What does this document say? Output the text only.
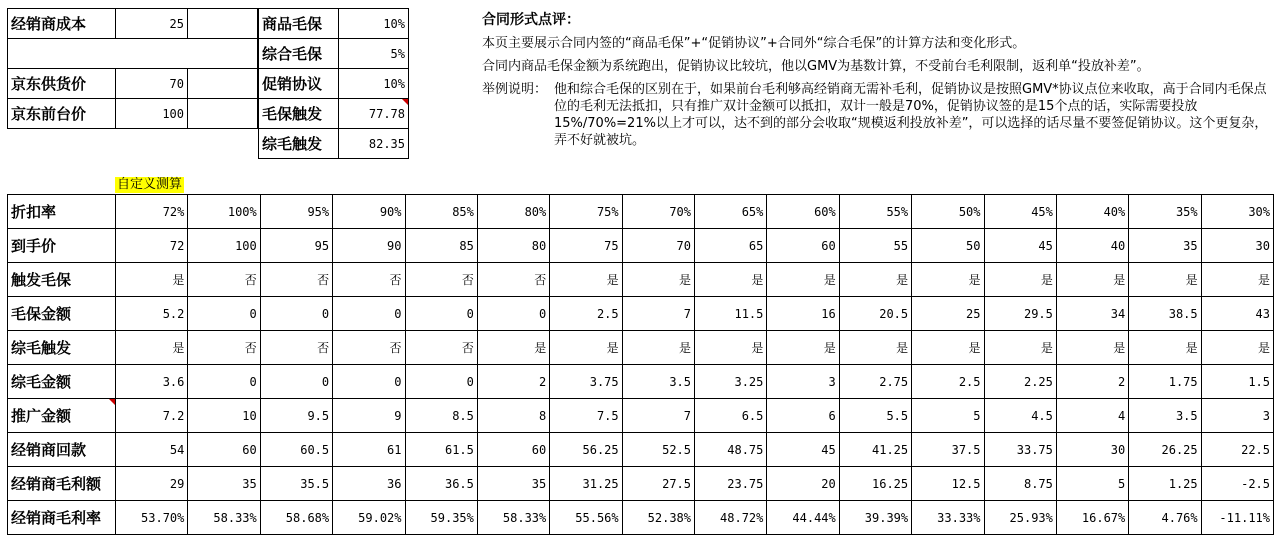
经销商成本	25	

京东供货价	70	
京东前台价	100	
商品毛保	10%
综合毛保	5%
促销协议	10%
毛保触发	77.78
综毛触发	82.35
合同形式点评：

本页主要展示合同内签的“商品毛保”+“促销协议”+合同外“综合毛保”的计算方法和变化形式。

合同内商品毛保金额为系统跑出，促销协议比较坑，他以GMV为基数计算，不受前台毛利限制，返利单“投放补差”。

举例说明： 他和综合毛保的区别在于，如果前台毛利够高经销商无需补毛利，促销协议是按照GMV*协议点位来收取，高于合同内毛保点位的毛利无法抵扣，只有推广双计金额可以抵扣，双计一般是70%，促销协议签的是15个点的话，实际需要投放15%/70%=21%以上才可以，达不到的部分会收取“规模返利投放补差”，可以选择的话尽量不要签促销协议。这个更复杂，弄不好就被坑。
自定义测算
折扣率	72%	100%	95%	90%	85%	80%	75%	70%	65%	60%	55%	50%	45%	40%	35%	30%
到手价	72	100	95	90	85	80	75	70	65	60	55	50	45	40	35	30
触发毛保	是	否	否	否	否	否	是	是	是	是	是	是	是	是	是	是
毛保金额	5.2	0	0	0	0	0	2.5	7	11.5	16	20.5	25	29.5	34	38.5	43
综毛触发	是	否	否	否	否	是	是	是	是	是	是	是	是	是	是	是
综毛金额	3.6	0	0	0	0	2	3.75	3.5	3.25	3	2.75	2.5	2.25	2	1.75	1.5
推广金额	7.2	10	9.5	9	8.5	8	7.5	7	6.5	6	5.5	5	4.5	4	3.5	3
经销商回款	54	60	60.5	61	61.5	60	56.25	52.5	48.75	45	41.25	37.5	33.75	30	26.25	22.5
经销商毛利额	29	35	35.5	36	36.5	35	31.25	27.5	23.75	20	16.25	12.5	8.75	5	1.25	-2.5
经销商毛利率	53.70%	58.33%	58.68%	59.02%	59.35%	58.33%	55.56%	52.38%	48.72%	44.44%	39.39%	33.33%	25.93%	16.67%	4.76%	-11.11%
